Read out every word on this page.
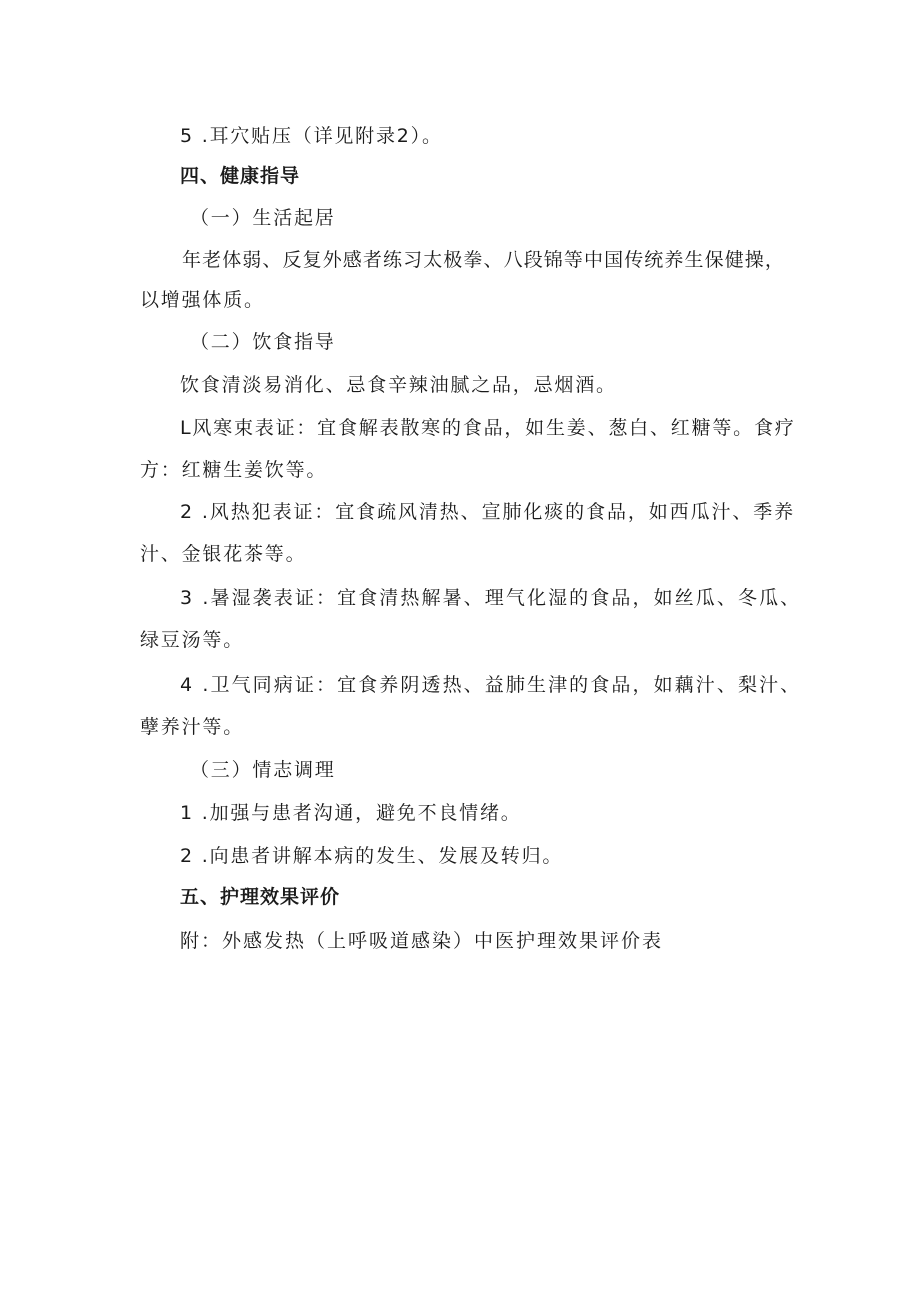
5 .耳穴贴压（详见附录2）。
四、健康指导
（一）生活起居
年老体弱、反复外感者练习太极拳、八段锦等中国传统养生保健操，
以增强体质。
（二）饮食指导
饮食清淡易消化、忌食辛辣油腻之品，忌烟酒。
L风寒束表证：宜食解表散寒的食品，如生姜、葱白、红糖等。食疗
方：红糖生姜饮等。
2 .风热犯表证：宜食疏风清热、宣肺化痰的食品，如西瓜汁、季养
汁、金银花茶等。
3 .暑湿袭表证：宜食清热解暑、理气化湿的食品，如丝瓜、冬瓜、
绿豆汤等。
4 .卫气同病证：宜食养阴透热、益肺生津的食品，如藕汁、梨汁、
孽养汁等。
（三）情志调理
1 .加强与患者沟通，避免不良情绪。
2 .向患者讲解本病的发生、发展及转归。
五、护理效果评价
附：外感发热（上呼吸道感染）中医护理效果评价表
